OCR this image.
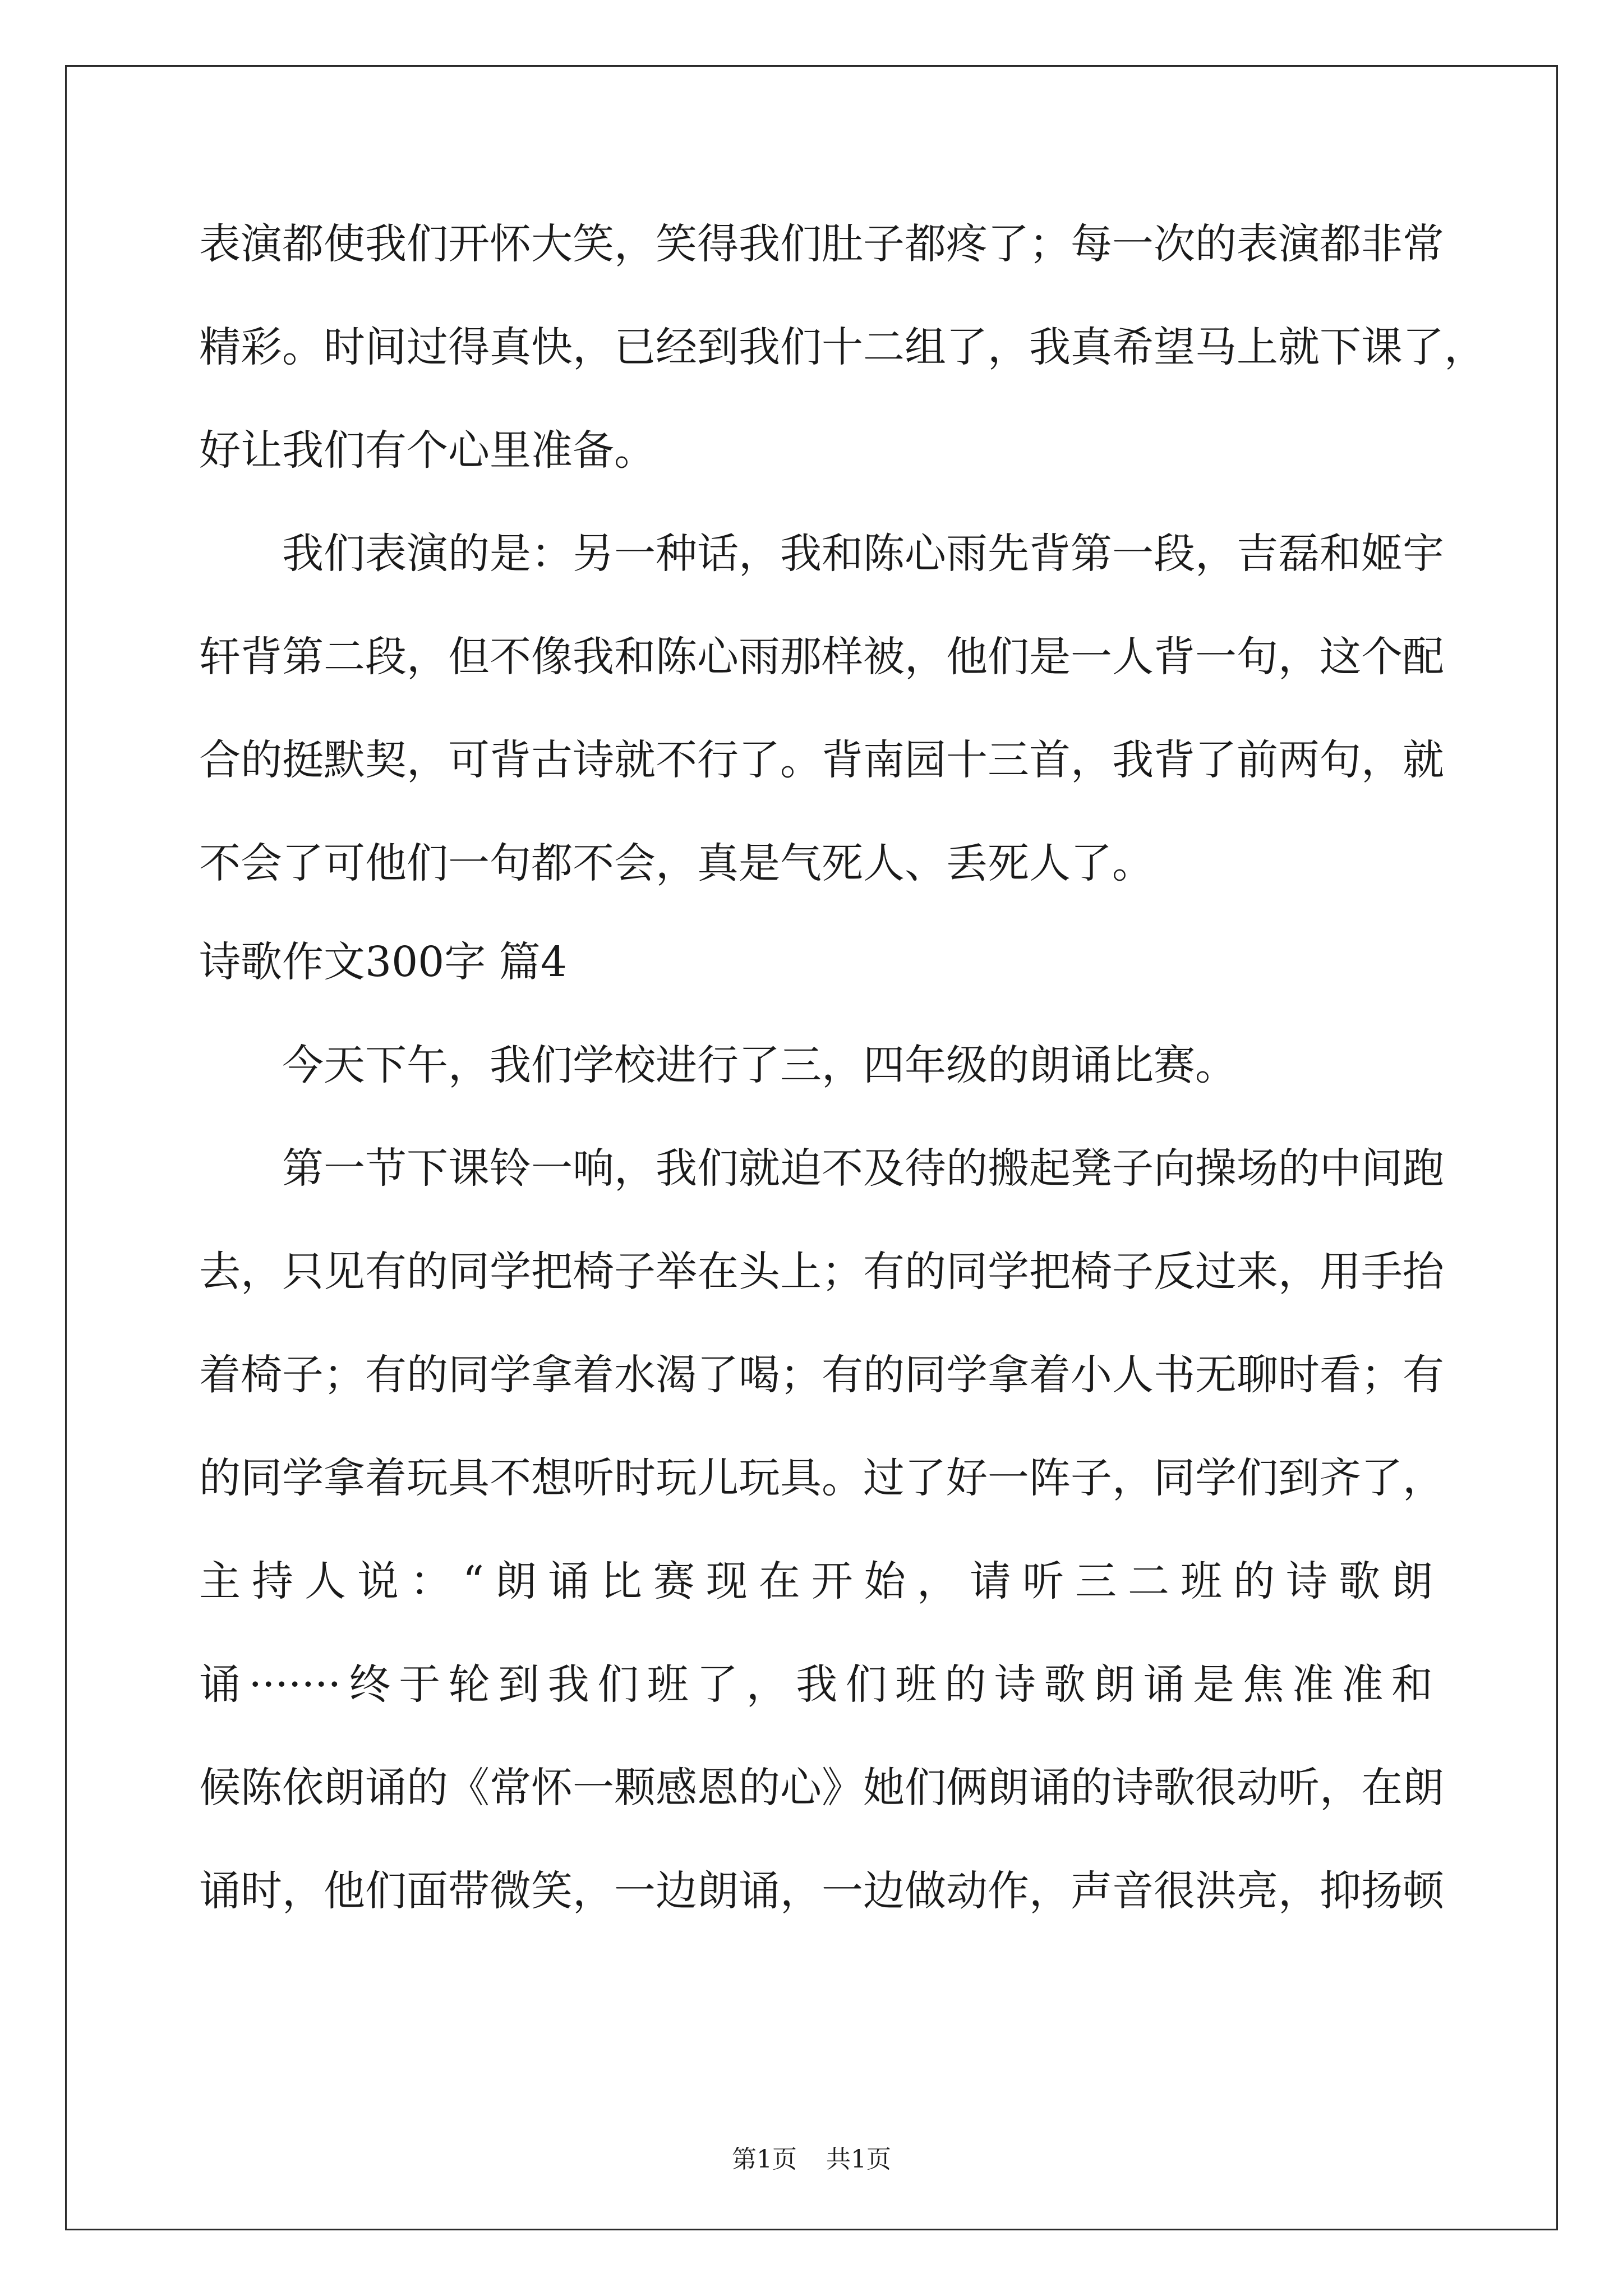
表演都使我们开怀大笑，笑得我们肚子都疼了；每一次的表演都非常
精彩。时间过得真快，已经到我们十二组了，我真希望马上就下课了，
好让我们有个心里准备。
我们表演的是：另一种话，我和陈心雨先背第一段，吉磊和姬宇
轩背第二段，但不像我和陈心雨那样被，他们是一人背一句，这个配
合的挺默契，可背古诗就不行了。背南园十三首，我背了前两句，就
不会了可他们一句都不会，真是气死人、丢死人了。
诗歌作文300字 篇4
今天下午，我们学校进行了三，四年级的朗诵比赛。
第一节下课铃一响，我们就迫不及待的搬起凳子向操场的中间跑
去，只见有的同学把椅子举在头上；有的同学把椅子反过来，用手抬
着椅子；有的同学拿着水渴了喝；有的同学拿着小人书无聊时看；有
的同学拿着玩具不想听时玩儿玩具。过了好一阵子，同学们到齐了，
主持人说：“朗诵比赛现在开始，请听三二班的诗歌朗
诵·······终于轮到我们班了，我们班的诗歌朗诵是焦准准和
候陈依朗诵的《常怀一颗感恩的心》她们俩朗诵的诗歌很动听，在朗
诵时，他们面带微笑，一边朗诵，一边做动作，声音很洪亮，抑扬顿
第1页 共1页
